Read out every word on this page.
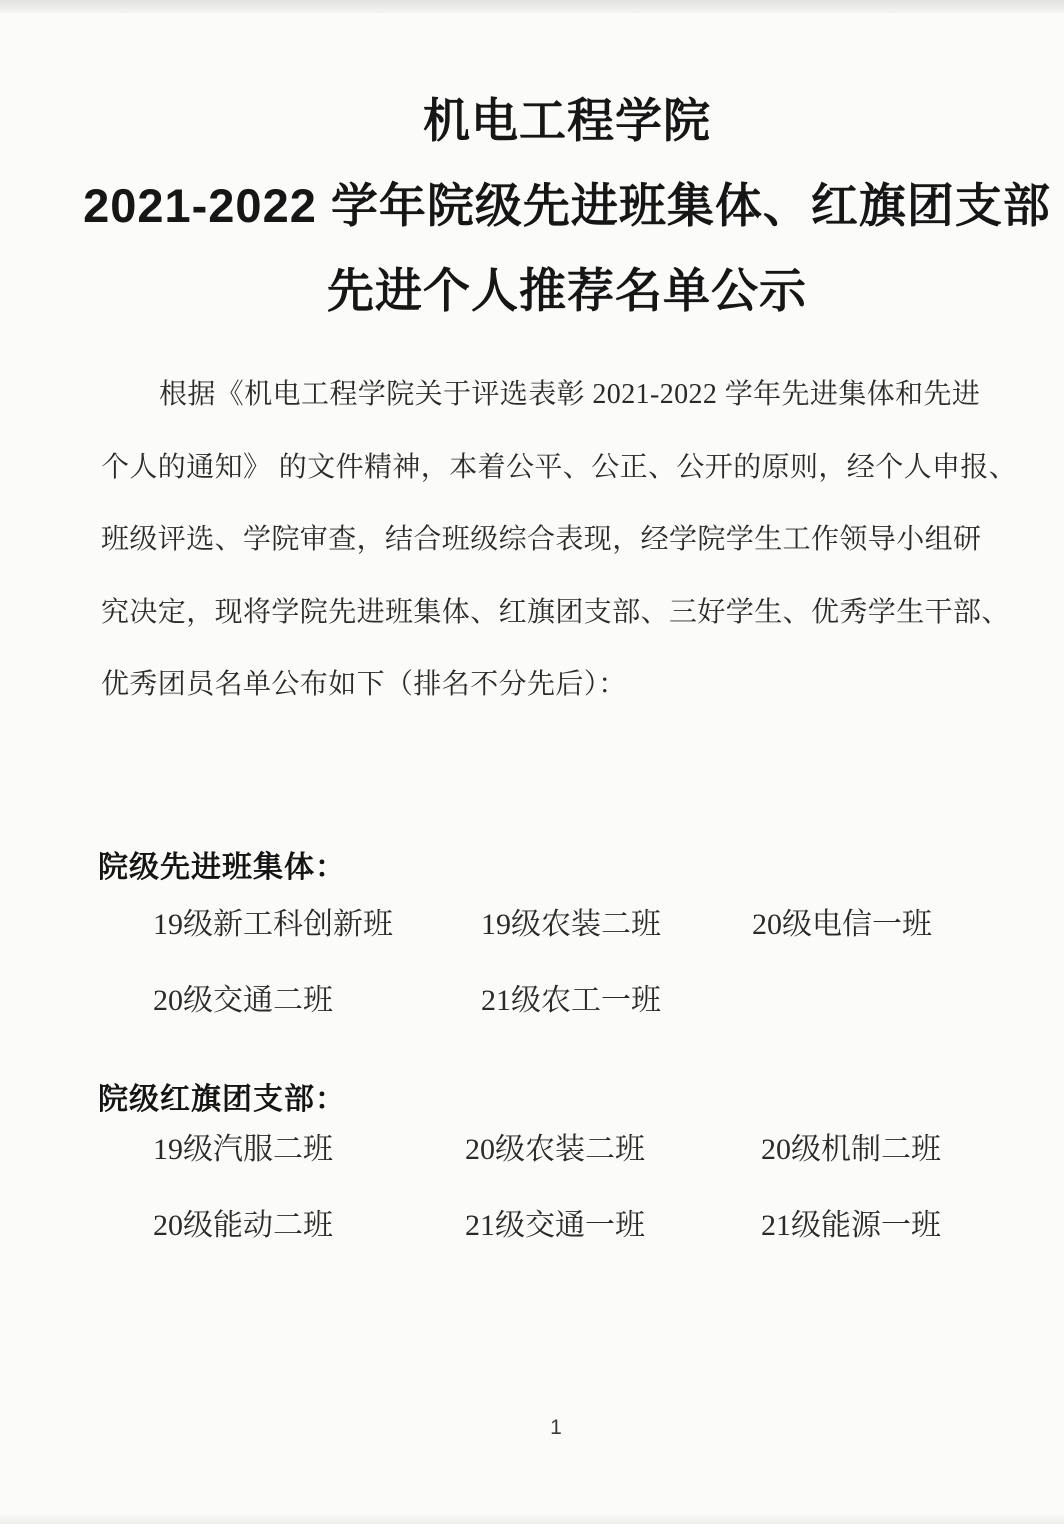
机电工程学院
2021-2022 学年院级先进班集体、红旗团支部
先进个人推荐名单公示

根据《机电工程学院关于评选表彰 2021-2022 学年先进集体和先进

个人的通知》 的文件精神，本着公平、公正、公开的原则，经个人申报、

班级评选、学院审查，结合班级综合表现，经学院学生工作领导小组研

究决定，现将学院先进班集体、红旗团支部、三好学生、优秀学生干部、

优秀团员名单公布如下（排名不分先后）：

院级先进班集体：
19级新工科创新班	19级农装二班	20级电信一班
20级交通二班	21级农工一班
院级红旗团支部：
19级汽服二班	20级农装二班	20级机制二班
20级能动二班	21级交通一班	21级能源一班
1
